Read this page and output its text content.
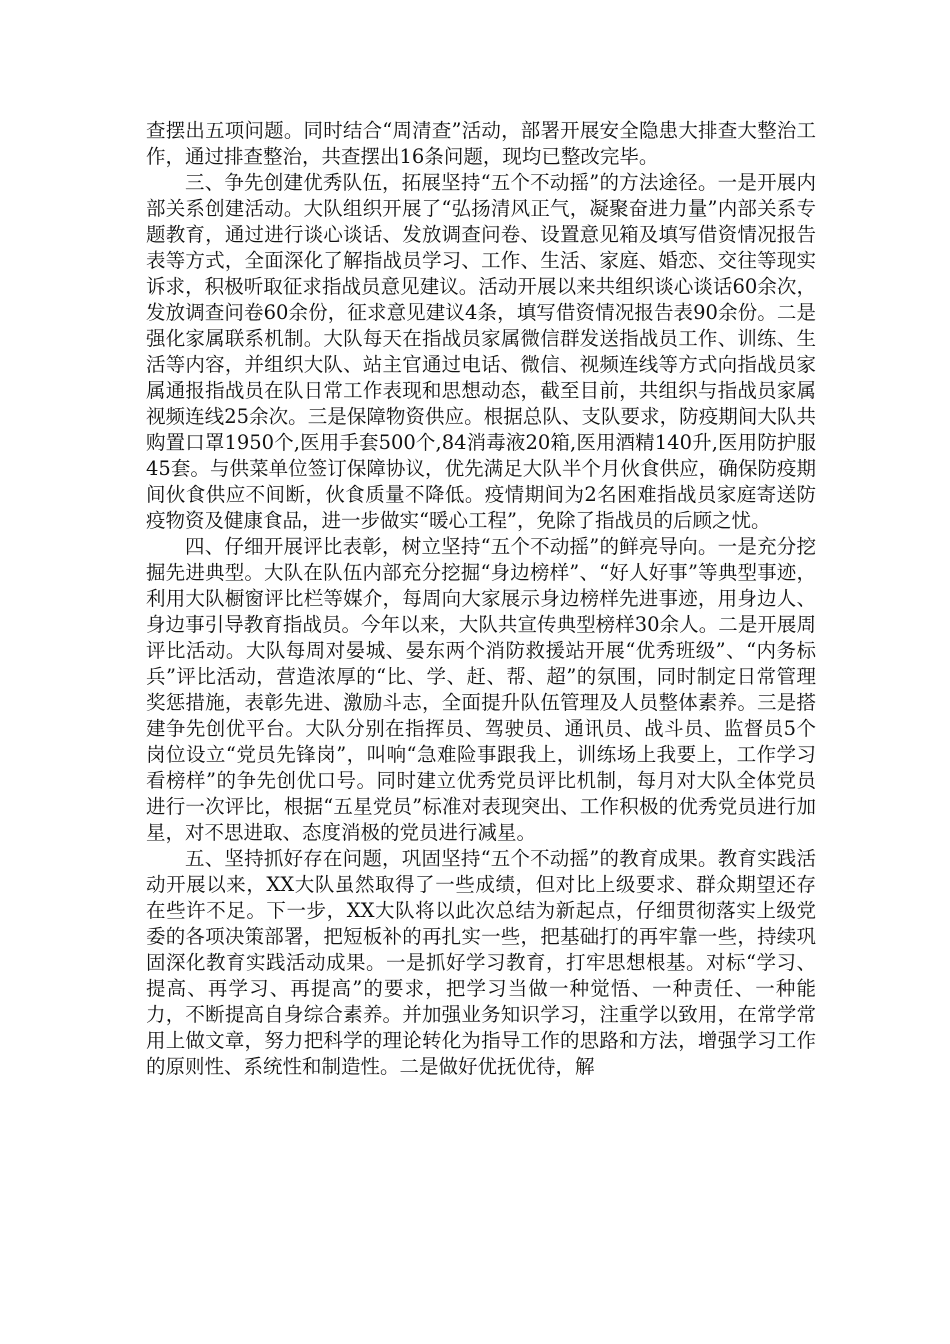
查摆出五项问题。同时结合“周清查”活动，部署开展安全隐患大排查大整治工作，通过排查整治，共查摆出16条问题，现均已整改完毕。

三、争先创建优秀队伍，拓展坚持“五个不动摇”的方法途径。一是开展内部关系创建活动。大队组织开展了“弘扬清风正气，凝聚奋进力量”内部关系专题教育，通过进行谈心谈话、发放调查问卷、设置意见箱及填写借资情况报告表等方式，全面深化了解指战员学习、工作、生活、家庭、婚恋、交往等现实诉求，积极听取征求指战员意见建议。活动开展以来共组织谈心谈话60余次，发放调查问卷60余份，征求意见建议4条，填写借资情况报告表90余份。二是强化家属联系机制。大队每天在指战员家属微信群发送指战员工作、训练、生活等内容，并组织大队、站主官通过电话、微信、视频连线等方式向指战员家属通报指战员在队日常工作表现和思想动态，截至目前，共组织与指战员家属视频连线25余次。三是保障物资供应。根据总队、支队要求，防疫期间大队共购置口罩1950个,医用手套500个,84消毒液20箱,医用酒精140升,医用防护服45套。与供菜单位签订保障协议，优先满足大队半个月伙食供应，确保防疫期间伙食供应不间断，伙食质量不降低。疫情期间为2名困难指战员家庭寄送防疫物资及健康食品，进一步做实“暖心工程”，免除了指战员的后顾之忧。

四、仔细开展评比表彰，树立坚持“五个不动摇”的鲜亮导向。一是充分挖掘先进典型。大队在队伍内部充分挖掘“身边榜样”、“好人好事”等典型事迹，利用大队橱窗评比栏等媒介，每周向大家展示身边榜样先进事迹，用身边人、身边事引导教育指战员。今年以来，大队共宣传典型榜样30余人。二是开展周评比活动。大队每周对晏城、晏东两个消防救援站开展“优秀班级”、“内务标兵”评比活动，营造浓厚的“比、学、赶、帮、超”的氛围，同时制定日常管理奖惩措施，表彰先进、激励斗志，全面提升队伍管理及人员整体素养。三是搭建争先创优平台。大队分别在指挥员、驾驶员、通讯员、战斗员、监督员5个岗位设立“党员先锋岗”，叫响“急难险事跟我上，训练场上我要上，工作学习看榜样”的争先创优口号。同时建立优秀党员评比机制，每月对大队全体党员进行一次评比，根据“五星党员”标准对表现突出、工作积极的优秀党员进行加星，对不思进取、态度消极的党员进行减星。

五、坚持抓好存在问题，巩固坚持“五个不动摇”的教育成果。教育实践活动开展以来，XX大队虽然取得了一些成绩，但对比上级要求、群众期望还存在些许不足。下一步，XX大队将以此次总结为新起点，仔细贯彻落实上级党委的各项决策部署，把短板补的再扎实一些，把基础打的再牢靠一些，持续巩固深化教育实践活动成果。一是抓好学习教育，打牢思想根基。对标“学习、提高、再学习、再提高”的要求，把学习当做一种觉悟、一种责任、一种能力，不断提高自身综合素养。并加强业务知识学习，注重学以致用，在常学常用上做文章，努力把科学的理论转化为指导工作的思路和方法，增强学习工作的原则性、系统性和制造性。二是做好优抚优待，解
